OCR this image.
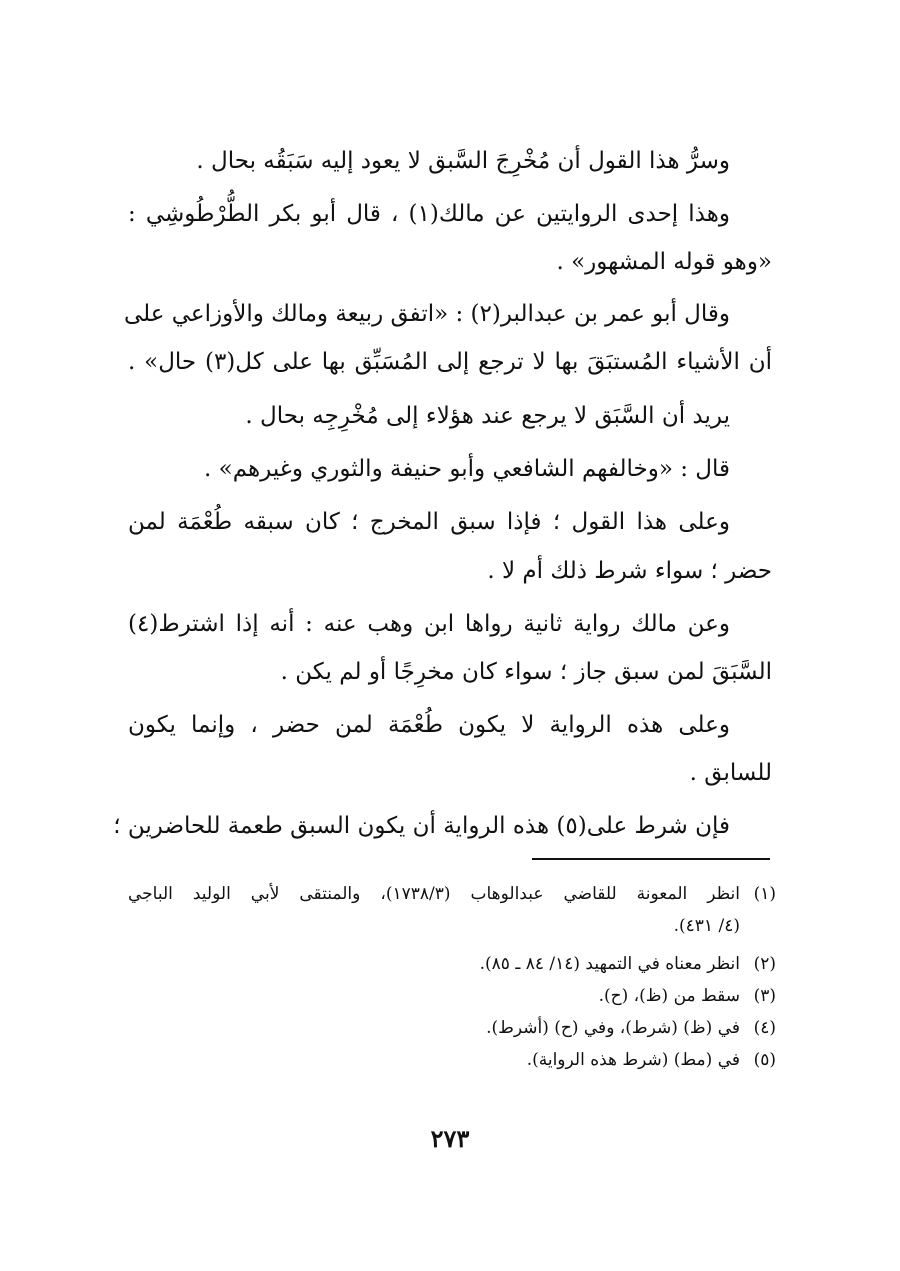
وسرُّ هذا القول أن مُخْرِجَ السَّبق لا يعود إليه سَبَقُه بحال .
وهذا إحدى الروايتين عن مالك(١) ، قال أبو بكر الطُّرْطُوشِي :
«وهو قوله المشهور» .
وقال أبو عمر بن عبدالبر(٢) : «اتفق ربيعة ومالك والأوزاعي على
أن الأشياء المُستبَقَ بها لا ترجع إلى المُسَبِّق بها على كل(٣) حال» .
يريد أن السَّبَق لا يرجع عند هؤلاء إلى مُخْرِجِه بحال .
قال : «وخالفهم الشافعي وأبو حنيفة والثوري وغيرهم» .
وعلى هذا القول ؛ فإذا سبق المخرج ؛ كان سبقه طُعْمَة لمن
حضر ؛ سواء شرط ذلك أم لا .
وعن مالك رواية ثانية رواها ابن وهب عنه : أنه إذا اشترط(٤)
السَّبَقَ لمن سبق جاز ؛ سواء كان مخرِجًا أو لم يكن .
وعلى هذه الرواية لا يكون طُعْمَة لمن حضر ، وإنما يكون
للسابق .
فإن شرط على(٥) هذه الرواية أن يكون السبق طعمة للحاضرين ؛
(١)انظر المعونة للقاضي عبدالوهاب (١٧٣٨/٣)، والمنتقى لأبي الوليد الباجي
(٤/ ٤٣١).
(٢)انظر معناه في التمهيد (١٤/ ٨٤ ـ ٨٥).
(٣)سقط من (ظ)، (ح).
(٤)في (ظ) (شرط)، وفي (ح) (أشرط).
(٥)في (مط) (شرط هذه الرواية).
٢٧٣
